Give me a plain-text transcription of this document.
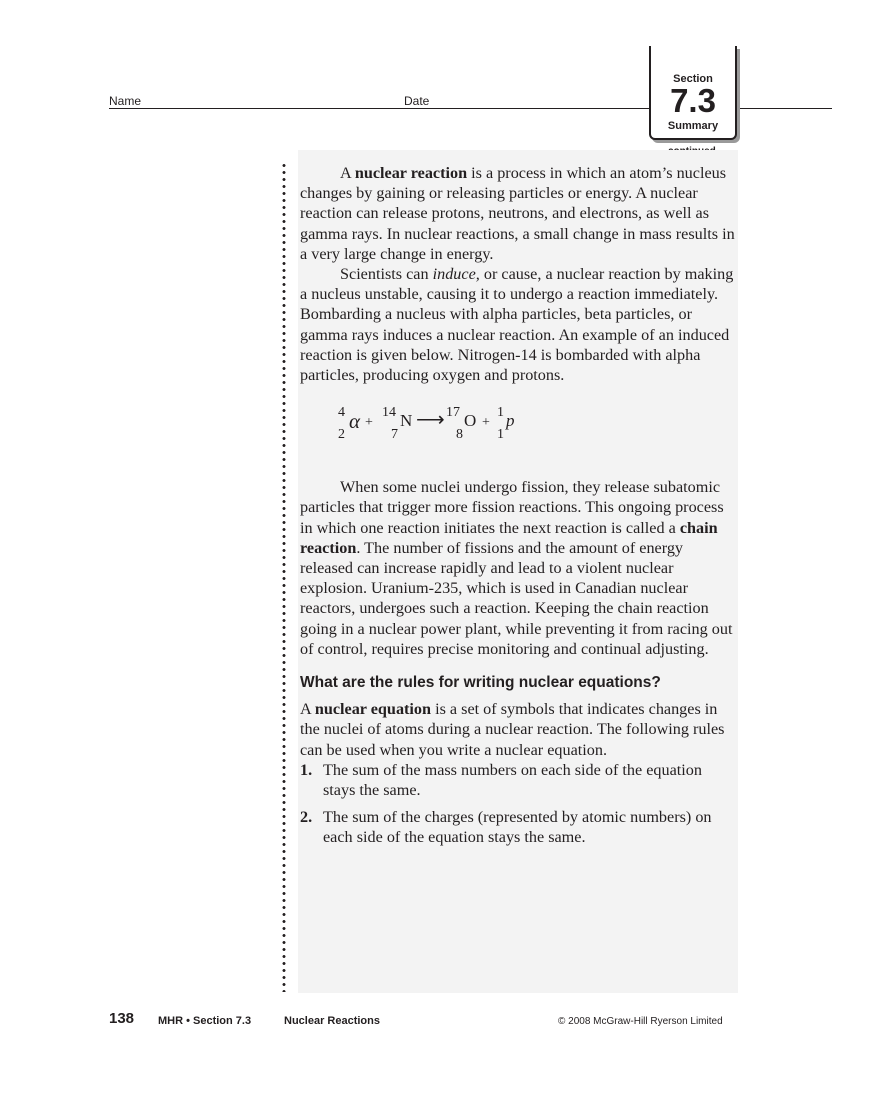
Name	Date
Section
7.3
Summary

A nuclear reaction is a process in which an atom’s nucleus changes by gaining or releasing particles or energy. A nuclear reaction can release protons, neutrons, and electrons, as well as gamma rays. In nuclear reactions, a small change in mass results in a very large change in energy.

Scientists can induce, or cause, a nuclear reaction by making a nucleus unstable, causing it to undergo a reaction immediately. Bombarding a nucleus with alpha particles, beta particles, or gamma rays induces a nuclear reaction. An example of an induced reaction is given below. Nitrogen-14 is bombarded with alpha particles, producing oxygen and protons.

4
2
α +
14
7
N ⟶ 17
8
O +
1
1
p

When some nuclei undergo fission, they release subatomic particles that trigger more fission reactions. This ongoing process in which one reaction initiates the next reaction is called a chain reaction. The number of fissions and the amount of energy released can increase rapidly and lead to a violent nuclear explosion. Uranium-235, which is used in Canadian nuclear reactors, undergoes such a reaction. Keeping the chain reaction going in a nuclear power plant, while preventing it from racing out of control, requires precise monitoring and continual adjusting.

What are the rules for writing nuclear equations?

A nuclear equation is a set of symbols that indicates changes in the nuclei of atoms during a nuclear reaction. The following rules can be used when you write a nuclear equation.

1. The sum of the mass numbers on each side of the equation stays the same.
2. The sum of the charges (represented by atomic numbers) on each side of the equation stays the same.
138 MHR • Section 7.3	Nuclear Reactions	© 2008 McGraw-Hill Ryerson Limited
